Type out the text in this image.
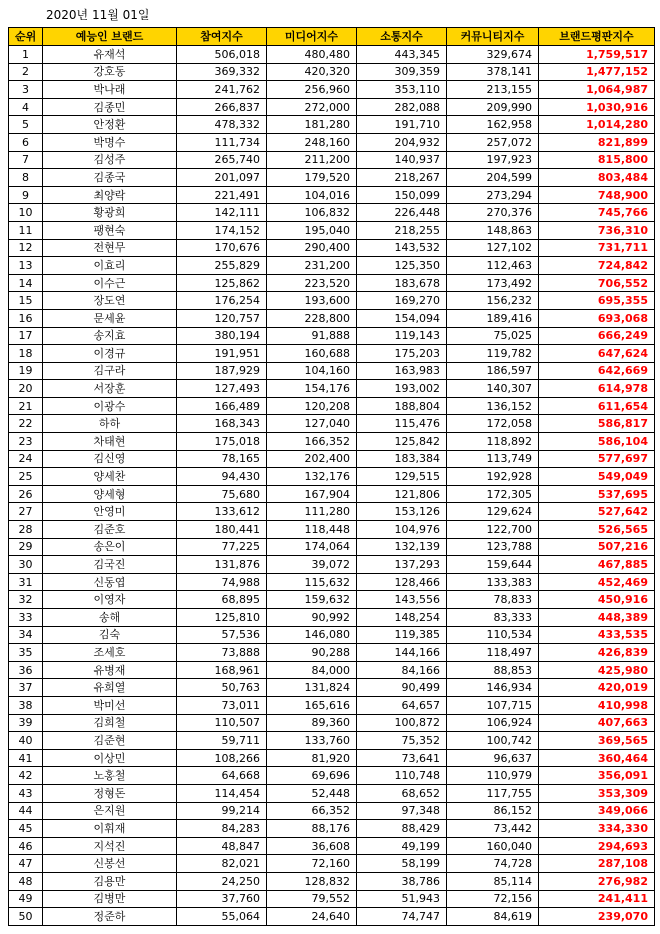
2020년 11월 01일
순위	예능인 브랜드	참여지수	미디어지수	소통지수	커뮤니티지수	브랜드평판지수
1	유재석	506,018	480,480	443,345	329,674	1,759,517
2	강호동	369,332	420,320	309,359	378,141	1,477,152
3	박나래	241,762	256,960	353,110	213,155	1,064,987
4	김종민	266,837	272,000	282,088	209,990	1,030,916
5	안정환	478,332	181,280	191,710	162,958	1,014,280
6	박명수	111,734	248,160	204,932	257,072	821,899
7	김성주	265,740	211,200	140,937	197,923	815,800
8	김종국	201,097	179,520	218,267	204,599	803,484
9	최양락	221,491	104,016	150,099	273,294	748,900
10	황광희	142,111	106,832	226,448	270,376	745,766
11	팽현숙	174,152	195,040	218,255	148,863	736,310
12	전현무	170,676	290,400	143,532	127,102	731,711
13	이효리	255,829	231,200	125,350	112,463	724,842
14	이수근	125,862	223,520	183,678	173,492	706,552
15	장도연	176,254	193,600	169,270	156,232	695,355
16	문세윤	120,757	228,800	154,094	189,416	693,068
17	송지효	380,194	91,888	119,143	75,025	666,249
18	이경규	191,951	160,688	175,203	119,782	647,624
19	김구라	187,929	104,160	163,983	186,597	642,669
20	서장훈	127,493	154,176	193,002	140,307	614,978
21	이광수	166,489	120,208	188,804	136,152	611,654
22	하하	168,343	127,040	115,476	172,058	586,817
23	차태현	175,018	166,352	125,842	118,892	586,104
24	김신영	78,165	202,400	183,384	113,749	577,697
25	양세찬	94,430	132,176	129,515	192,928	549,049
26	양세형	75,680	167,904	121,806	172,305	537,695
27	안영미	133,612	111,280	153,126	129,624	527,642
28	김준호	180,441	118,448	104,976	122,700	526,565
29	송은이	77,225	174,064	132,139	123,788	507,216
30	김국진	131,876	39,072	137,293	159,644	467,885
31	신동엽	74,988	115,632	128,466	133,383	452,469
32	이영자	68,895	159,632	143,556	78,833	450,916
33	송해	125,810	90,992	148,254	83,333	448,389
34	김숙	57,536	146,080	119,385	110,534	433,535
35	조세호	73,888	90,288	144,166	118,497	426,839
36	유병재	168,961	84,000	84,166	88,853	425,980
37	유희열	50,763	131,824	90,499	146,934	420,019
38	박미선	73,011	165,616	64,657	107,715	410,998
39	김희철	110,507	89,360	100,872	106,924	407,663
40	김준현	59,711	133,760	75,352	100,742	369,565
41	이상민	108,266	81,920	73,641	96,637	360,464
42	노홍철	64,668	69,696	110,748	110,979	356,091
43	정형돈	114,454	52,448	68,652	117,755	353,309
44	은지원	99,214	66,352	97,348	86,152	349,066
45	이휘재	84,283	88,176	88,429	73,442	334,330
46	지석진	48,847	36,608	49,199	160,040	294,693
47	신봉선	82,021	72,160	58,199	74,728	287,108
48	김용만	24,250	128,832	38,786	85,114	276,982
49	김병만	37,760	79,552	51,943	72,156	241,411
50	정준하	55,064	24,640	74,747	84,619	239,070
